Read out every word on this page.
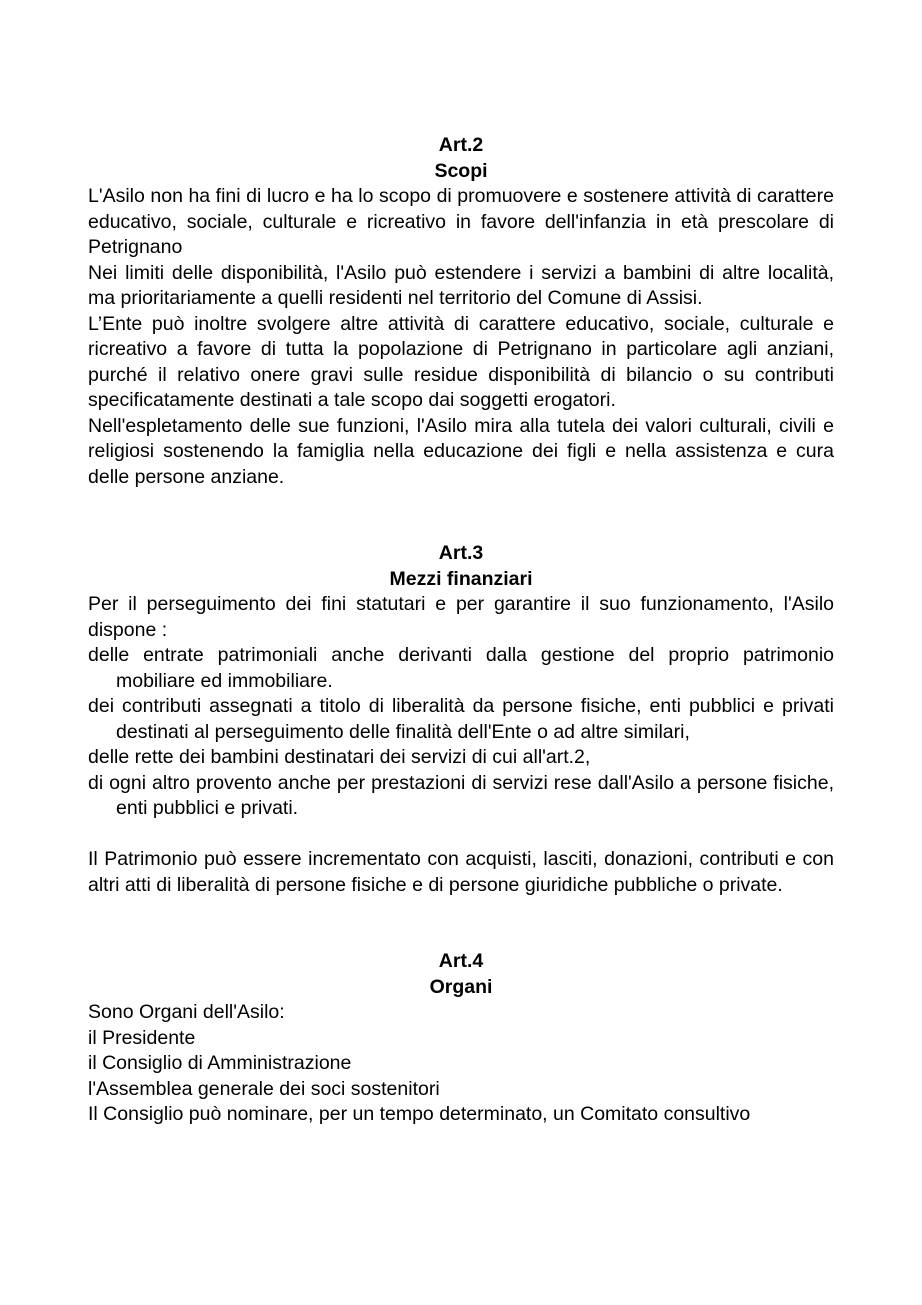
Art.2

Scopi

L'Asilo non ha fini di lucro e ha lo scopo di promuovere e sostenere attività di carattere educativo, sociale, culturale e ricreativo in favore dell'infanzia in età prescolare di Petrignano

Nei limiti delle disponibilità, l'Asilo può estendere i servizi a bambini di altre località, ma prioritariamente a quelli residenti nel territorio del Comune di Assisi.

L’Ente può inoltre svolgere altre attività di carattere educativo, sociale, culturale e ricreativo a favore di tutta la popolazione di Petrignano in particolare agli anziani, purché il relativo onere gravi sulle residue disponibilità di bilancio o su contributi specificatamente destinati a tale scopo dai soggetti erogatori.

Nell'espletamento delle sue funzioni, l'Asilo mira alla tutela dei valori culturali, civili e religiosi sostenendo la famiglia nella educazione dei figli e nella assistenza e cura delle persone anziane.

Art.3

Mezzi finanziari

Per il perseguimento dei fini statutari e per garantire il suo funzionamento, l'Asilo dispone :

delle entrate patrimoniali anche derivanti dalla gestione del proprio patrimonio mobiliare ed immobiliare.

dei contributi assegnati a titolo di liberalità da persone fisiche, enti pubblici e privati destinati al perseguimento delle finalità dell'Ente o ad altre similari,

delle rette dei bambini destinatari dei servizi di cui all'art.2,

di ogni altro provento anche per prestazioni di servizi rese dall'Asilo a persone fisiche, enti pubblici e privati.

Il Patrimonio può essere incrementato con acquisti, lasciti, donazioni, contributi e con altri atti di liberalità di persone fisiche e di persone giuridiche pubbliche o private.

Art.4

Organi

Sono Organi dell'Asilo:

il Presidente

il Consiglio di Amministrazione

l'Assemblea generale dei soci sostenitori

Il Consiglio può nominare, per un tempo determinato, un Comitato consultivo
